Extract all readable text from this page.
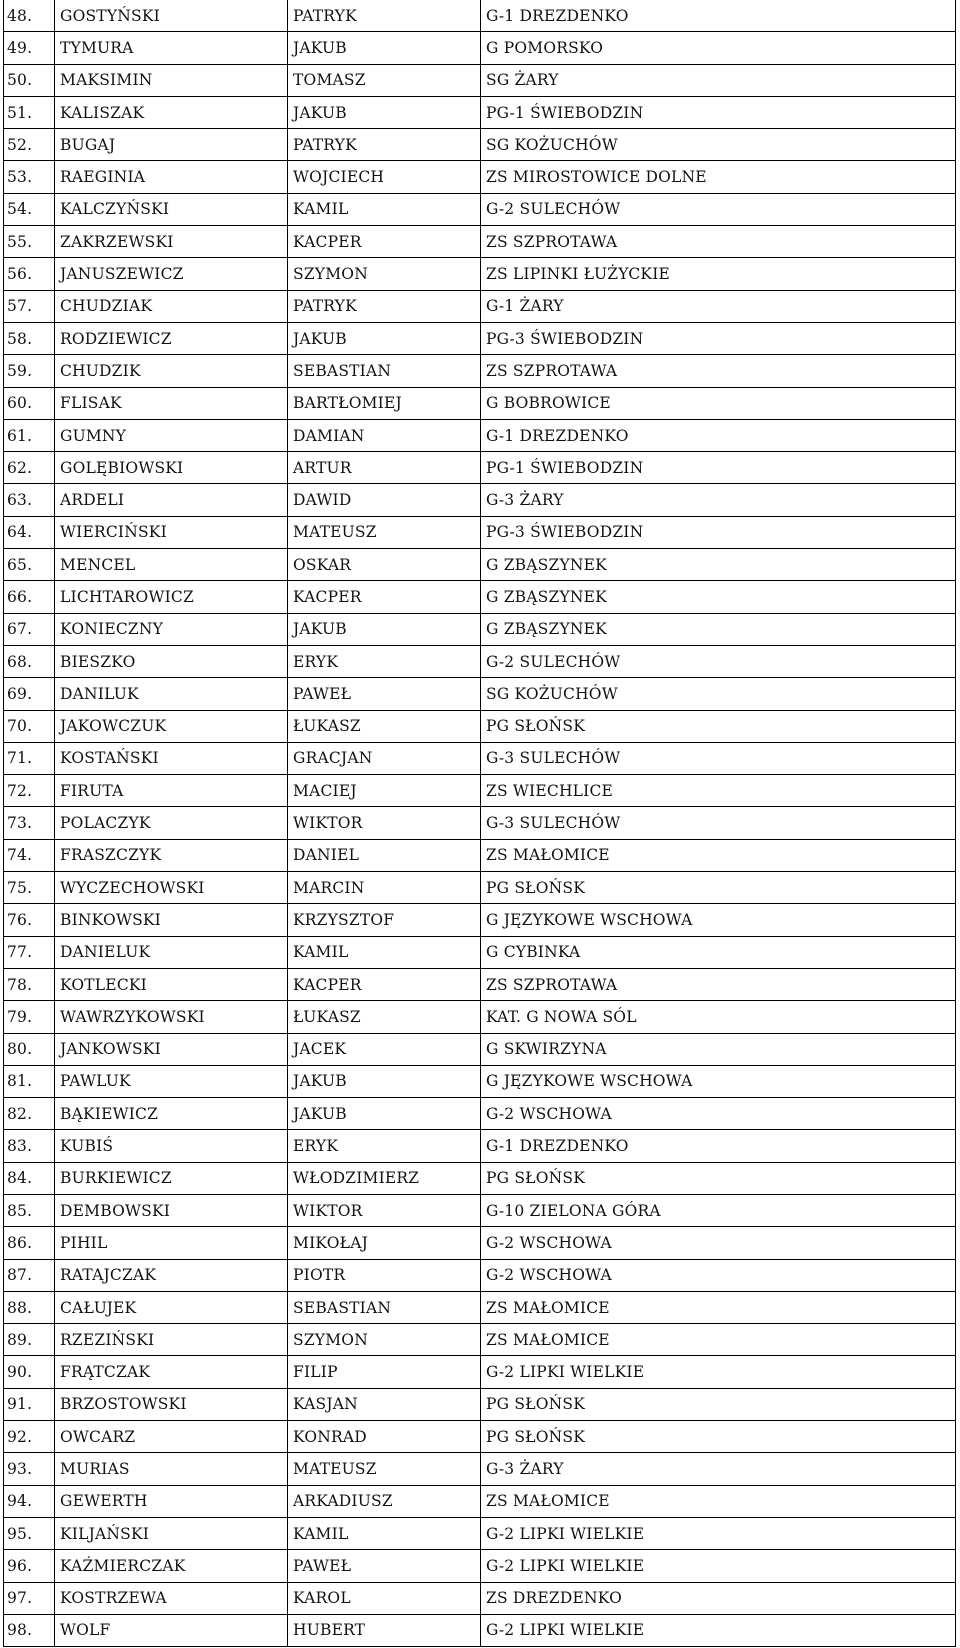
48.	GOSTYŃSKI	PATRYK	G-1 DREZDENKO
49.	TYMURA	JAKUB	G POMORSKO
50.	MAKSIMIN	TOMASZ	SG ŻARY
51.	KALISZAK	JAKUB	PG-1 ŚWIEBODZIN
52.	BUGAJ	PATRYK	SG KOŻUCHÓW
53.	RAEGINIA	WOJCIECH	ZS MIROSTOWICE DOLNE
54.	KALCZYŃSKI	KAMIL	G-2 SULECHÓW
55.	ZAKRZEWSKI	KACPER	ZS SZPROTAWA
56.	JANUSZEWICZ	SZYMON	ZS LIPINKI ŁUŻYCKIE
57.	CHUDZIAK	PATRYK	G-1 ŻARY
58.	RODZIEWICZ	JAKUB	PG-3 ŚWIEBODZIN
59.	CHUDZIK	SEBASTIAN	ZS SZPROTAWA
60.	FLISAK	BARTŁOMIEJ	G BOBROWICE
61.	GUMNY	DAMIAN	G-1 DREZDENKO
62.	GOLĘBIOWSKI	ARTUR	PG-1 ŚWIEBODZIN
63.	ARDELI	DAWID	G-3 ŻARY
64.	WIERCIŃSKI	MATEUSZ	PG-3 ŚWIEBODZIN
65.	MENCEL	OSKAR	G ZBĄSZYNEK
66.	LICHTAROWICZ	KACPER	G ZBĄSZYNEK
67.	KONIECZNY	JAKUB	G ZBĄSZYNEK
68.	BIESZKO	ERYK	G-2 SULECHÓW
69.	DANILUK	PAWEŁ	SG KOŻUCHÓW
70.	JAKOWCZUK	ŁUKASZ	PG SŁOŃSK
71.	KOSTAŃSKI	GRACJAN	G-3 SULECHÓW
72.	FIRUTA	MACIEJ	ZS WIECHLICE
73.	POLACZYK	WIKTOR	G-3 SULECHÓW
74.	FRASZCZYK	DANIEL	ZS MAŁOMICE
75.	WYCZECHOWSKI	MARCIN	PG SŁOŃSK
76.	BINKOWSKI	KRZYSZTOF	G JĘZYKOWE WSCHOWA
77.	DANIELUK	KAMIL	G CYBINKA
78.	KOTLECKI	KACPER	ZS SZPROTAWA
79.	WAWRZYKOWSKI	ŁUKASZ	KAT. G NOWA SÓL
80.	JANKOWSKI	JACEK	G SKWIRZYNA
81.	PAWLUK	JAKUB	G JĘZYKOWE WSCHOWA
82.	BĄKIEWICZ	JAKUB	G-2 WSCHOWA
83.	KUBIŚ	ERYK	G-1 DREZDENKO
84.	BURKIEWICZ	WŁODZIMIERZ	PG SŁOŃSK
85.	DEMBOWSKI	WIKTOR	G-10 ZIELONA GÓRA
86.	PIHIL	MIKOŁAJ	G-2 WSCHOWA
87.	RATAJCZAK	PIOTR	G-2 WSCHOWA
88.	CAŁUJEK	SEBASTIAN	ZS MAŁOMICE
89.	RZEZIŃSKI	SZYMON	ZS MAŁOMICE
90.	FRĄTCZAK	FILIP	G-2 LIPKI WIELKIE
91.	BRZOSTOWSKI	KASJAN	PG SŁOŃSK
92.	OWCARZ	KONRAD	PG SŁOŃSK
93.	MURIAS	MATEUSZ	G-3 ŻARY
94.	GEWERTH	ARKADIUSZ	ZS MAŁOMICE
95.	KILJAŃSKI	KAMIL	G-2 LIPKI WIELKIE
96.	KAŹMIERCZAK	PAWEŁ	G-2 LIPKI WIELKIE
97.	KOSTRZEWA	KAROL	ZS DREZDENKO
98.	WOLF	HUBERT	G-2 LIPKI WIELKIE
